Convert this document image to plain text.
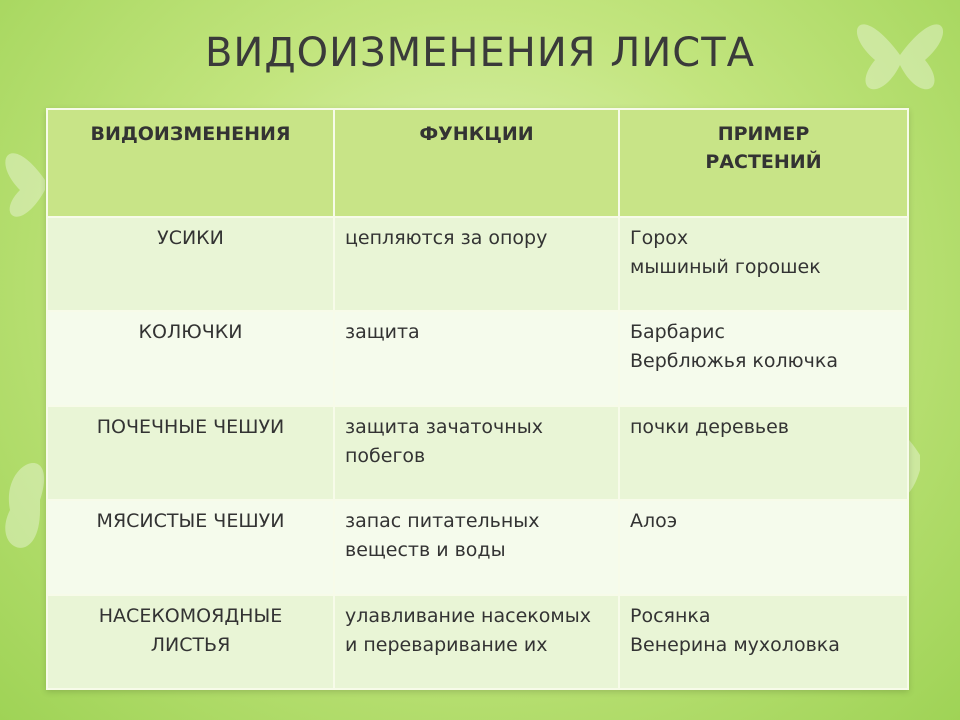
ВИДОИЗМЕНЕНИЯ ЛИСТА
ВИДОИЗМЕНЕНИЯ	ФУНКЦИИ	ПРИМЕР
РАСТЕНИЙ
УСИКИ	цепляются за опору	Горох
мышиный горошек

КОЛЮЧКИ	защита	Барбарис
Верблюжья колючка

ПОЧЕЧНЫЕ ЧЕШУИ	защита зачаточных побегов	почки деревьев

МЯСИСТЫЕ ЧЕШУИ	запас питательных веществ и воды	Алоэ

НАСЕКОМОЯДНЫЕ ЛИСТЬЯ	улавливание насекомых и переваривание их	Росянка
Венерина мухоловка
